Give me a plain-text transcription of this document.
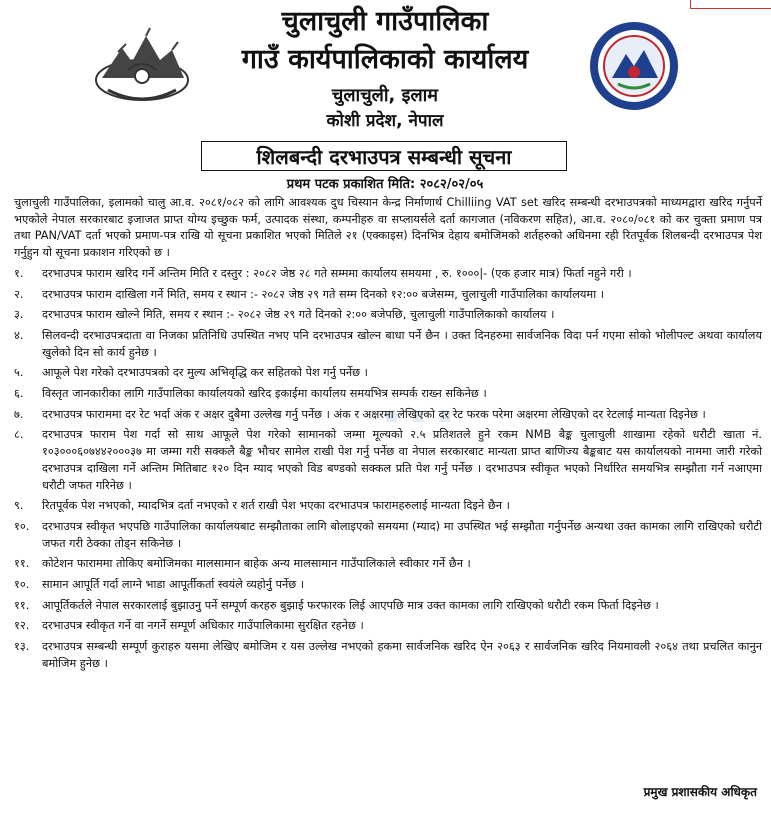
चुलाचुली गाउँपालिका
गाउँ कार्यपालिकाको कार्यालय
चुलाचुली, इलाम
कोशी प्रदेश, नेपाल
शिलबन्दी दरभाउपत्र सम्बन्धी सूचना
प्रथम पटक प्रकाशित मिति: २०८२/०२/०५
···

चुलाचुली गाउँपालिका, इलामको चालु आ.व. २०८१/०८२ को लागि आवश्यक दुध चिस्यान केन्द्र निर्माणार्थ Chilliing VAT set खरिद सम्बन्धी दरभाउपत्रको माध्यमद्वारा खरिद गर्नुपर्ने भएकोले नेपाल सरकारबाट इजाजत प्राप्त योग्य इच्छुक फर्म, उत्पादक संस्था, कम्पनीहरु वा सप्लायर्सले दर्ता कागजात (नविकरण सहित), आ.व. २०८०/०८१ को कर चुक्ता प्रमाण पत्र तथा PAN/VAT दर्ता भएको प्रमाण-पत्र राखि यो सूचना प्रकाशित भएको मितिले २१ (एक्काइस) दिनभित्र देहाय बमोजिमको शर्तहरुको अधिनमा रही रितपूर्वक शिलबन्दी दरभाउपत्र पेश गर्नुहुन यो सूचना प्रकाशन गरिएको छ ।

१.	दरभाउपत्र फाराम खरिद गर्ने अन्तिम मिति र दस्तुर : २०८२ जेष्ठ २८ गते सम्ममा कार्यालय समयमा , रु. १०००|- (एक हजार मात्र) फिर्ता नहुने गरी ।
२.	दरभाउपत्र फाराम दाखिला गर्ने मिति, समय र स्थान :- २०८२ जेष्ठ २९ गते सम्म दिनको १२:०० बजेसम्म, चुलाचुली गाउँपालिका कार्यालयमा ।
३.	दरभाउपत्र फाराम खोल्ने मिति, समय र स्थान :- २०८२ जेष्ठ २९ गते दिनको २:०० बजेपछि, चुलाचुली गाउँपालिकाको कार्यालय ।
४.	सिलवन्दी दरभाउपत्रदाता वा निजका प्रतिनिधि उपस्थित नभए पनि दरभाउपत्र खोल्न बाधा पर्ने छैन । उक्त दिनहरुमा सार्वजनिक विदा पर्न गएमा सोको भोलीपल्ट अथवा कार्यालय खुलेको दिन सो कार्य हुनेछ ।
५.	आफूले पेश गरेको दरभाउपत्रको दर मुल्य अभिवृद्धि कर सहितको पेश गर्नु पर्नेछ ।
६.	विस्तृत जानकारीका लागि गाउँपालिका कार्यालयको खरिद इकाईमा कार्यालय समयभित्र सम्पर्क राख्न सकिनेछ ।
७.	दरभाउपत्र फाराममा दर रेट भर्दा अंक र अक्षर दुबैमा उल्लेख गर्नु पर्नेछ । अंक र अक्षरमा लेखिएको दर रेट फरक परेमा अक्षरमा लेखिएको दर रेटलाई मान्यता दिइनेछ ।
८.	दरभाउपत्र फाराम पेश गर्दा सो साथ आफूले पेश गरेको सामानको जम्मा मूल्यको २.५ प्रतिशतले हुने रकम NMB बैङ्क चुलाचुली शाखामा रहेको धरौटी खाता नं. १०३०००६०७४४२०००३७ मा जम्मा गरी सक्कलै बैङ्क भौचर सामेल राखी पेश गर्नु पर्नेछ वा नेपाल सरकारबाट मान्यता प्राप्त बाणिज्य बैङ्कबाट यस कार्यालयको नाममा जारी गरेको दरभाउपत्र दाखिला गर्ने अन्तिम मितिबाट १२० दिन म्याद भएको विड बण्डको सक्कल प्रति पेश गर्नु पर्नेछ । दरभाउपत्र स्वीकृत भएको निर्धारित समयभित्र सम्झौता गर्न नआएमा धरौटी जफत गरिनेछ ।
९.	रितपूर्वक पेश नभएको, म्यादभित्र दर्ता नभएको र शर्त राखी पेश भएका दरभाउपत्र फारामहरुलाई मान्यता दिइने छैन ।
१०.	दरभाउपत्र स्वीकृत भएपछि गाउँपालिका कार्यालयबाट सम्झौताका लागि बोलाइएको समयमा (म्याद) मा उपस्थित भई सम्झौता गर्नुपर्नेछ अन्यथा उक्त कामका लागि राखिएको धरौटी जफत गरी ठेक्का तोड्न सकिनेछ ।
११.	कोटेशन फाराममा तोकिए बमोजिमका मालसामान बाहेक अन्य मालसामान गाउँपालिकाले स्वीकार गर्ने छैन ।
१०.	सामान आपूर्ति गर्दा लाग्ने भाडा आपूर्तीकर्ता स्वयंले व्यहोर्नु पर्नेछ ।
११.	आपूर्तिकर्तले नेपाल सरकारलाई बुझाउनु पर्ने सम्पूर्ण करहरु बुझाई फरफारक लिई आएपछि मात्र उक्त कामका लागि राखिएको धरौटी रकम फिर्ता दिइनेछ ।
१२.	दरभाउपत्र स्वीकृत गर्ने वा नगर्ने सम्पूर्ण अधिकार गाउँपालिकामा सुरक्षित रहनेछ ।
१३.	दरभाउपत्र सम्बन्धी सम्पूर्ण कुराहरु यसमा लेखिए बमोजिम र यस उल्लेख नभएको हकमा सार्वजनिक खरिद ऐन २०६३ र सार्वजनिक खरिद नियमावली २०६४ तथा प्रचलित कानुन बमोजिम हुनेछ ।
प्रमुख प्रशासकीय अधिकृत
